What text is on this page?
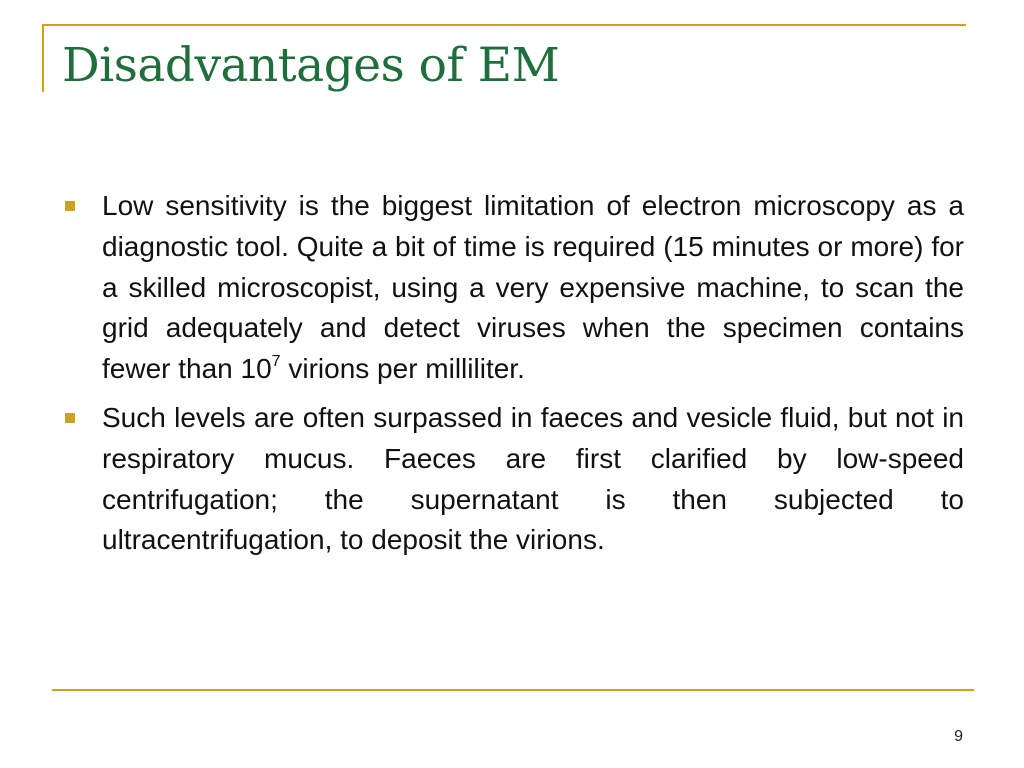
Disadvantages of EM
Low sensitivity is the biggest limitation of electron microscopy as a diagnostic tool. Quite a bit of time is required (15 minutes or more) for a skilled microscopist, using a very expensive machine, to scan the grid adequately and detect viruses when the specimen contains fewer than $10^7$ virions per milliliter.
Such levels are often surpassed in faeces and vesicle fluid, but not in respiratory mucus. Faeces are first clarified by low-speed centrifugation; the supernatant is then subjected to ultracentrifugation, to deposit the virions.
9
